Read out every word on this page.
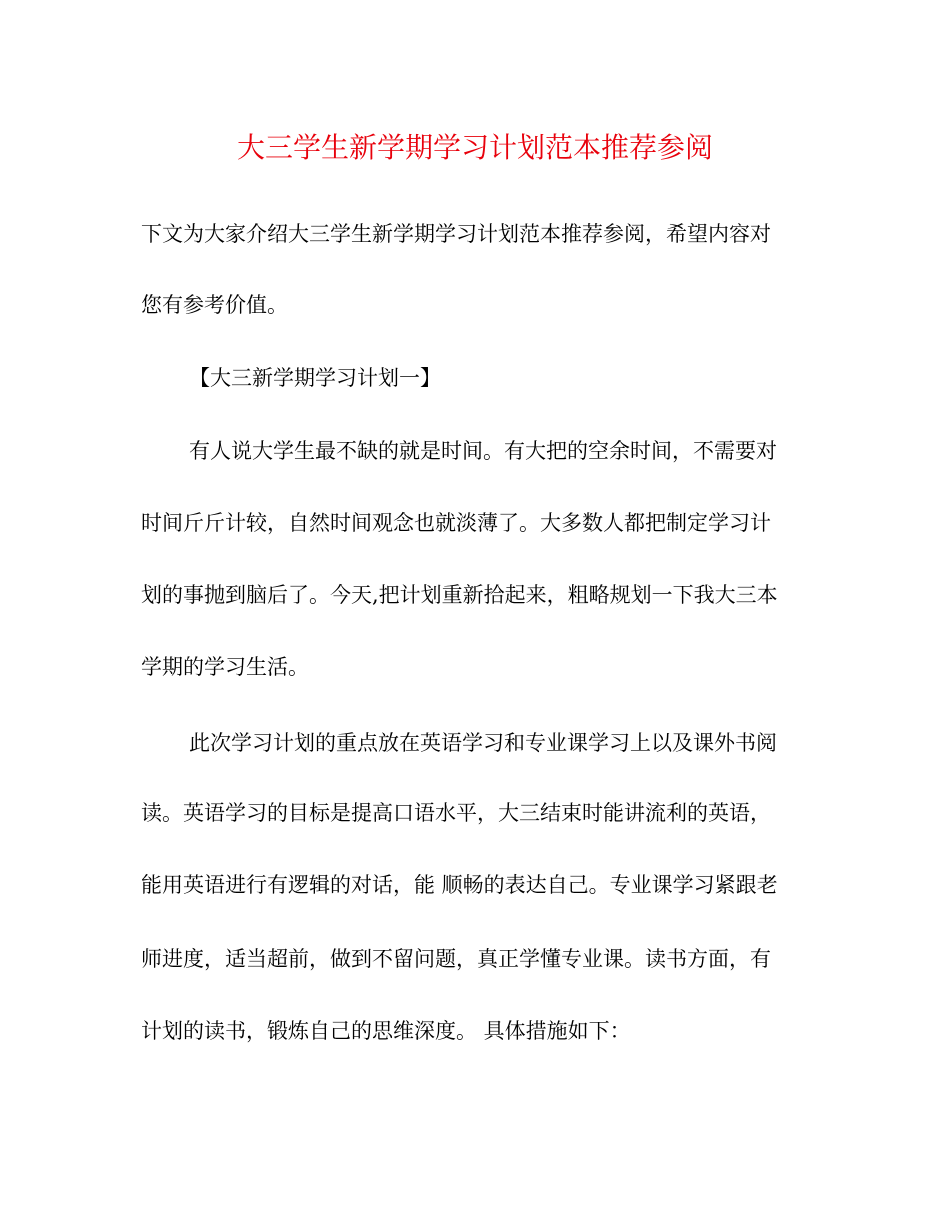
大三学生新学期学习计划范本推荐参阅
下文为大家介绍大三学生新学期学习计划范本推荐参阅，希望内容对
您有参考价值。
【大三新学期学习计划一】
有人说大学生最不缺的就是时间。有大把的空余时间，不需要对
时间斤斤计较，自然时间观念也就淡薄了。大多数人都把制定学习计
划的事抛到脑后了。今天,把计划重新拾起来，粗略规划一下我大三本
学期的学习生活。
此次学习计划的重点放在英语学习和专业课学习上以及课外书阅
读。英语学习的目标是提高口语水平，大三结束时能讲流利的英语，
能用英语进行有逻辑的对话，能 顺畅的表达自己。专业课学习紧跟老
师进度，适当超前，做到不留问题，真正学懂专业课。读书方面，有
计划的读书，锻炼自己的思维深度。 具体措施如下：
